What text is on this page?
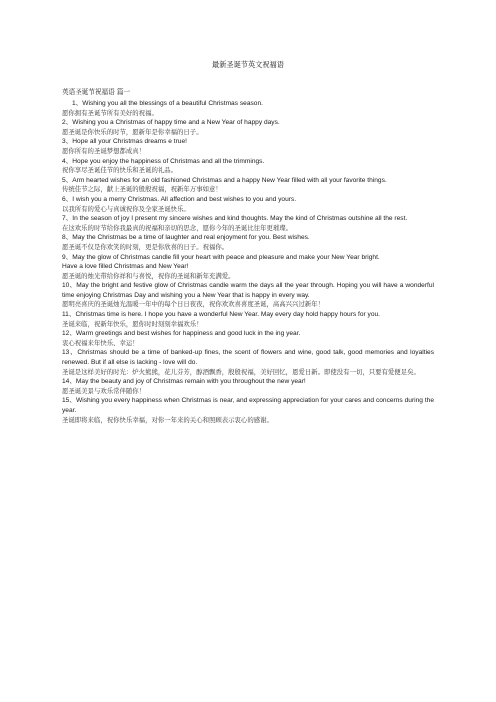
最新圣诞节英文祝福语
英语圣诞节祝福语 篇一

1、Wishing you all the blessings of a beautiful Christmas season.

愿你拥有圣诞节所有美好的祝福。

2、Wishing you a Christmas of happy time and a New Year of happy days.

愿圣诞是你快乐的时节，愿新年是你幸福的日子。

3、Hope all your Christmas dreams e true!

愿你所有的圣诞梦想都成真！

4、Hope you enjoy the happiness of Christmas and all the trimmings.

祝你享尽圣诞佳节的快乐和圣诞的礼品。

5、Arm hearted wishes for an old fashioned Christmas and a happy New Year filled with all your favorite things.

传统佳节之际，献上圣诞的殷殷祝福，祝新年万事如意！

6、I wish you a merry Christmas. All affection and best wishes to you and yours.

以我所有的爱心与真诚祝你及全家圣诞快乐。

7、In the season of joy I present my sincere wishes and kind thoughts. May the kind of Christmas outshine all the rest.

在这欢乐的时节给你我最真的祝福和亲切的思念，愿你今年的圣诞比往年更璀璨。

8、May the Christmas be a time of laughter and real enjoyment for you. Best wishes.

愿圣诞不仅是你欢笑的时刻，更是你欣喜的日子。祝福你。

9、May the glow of Christmas candle fill your heart with peace and pleasure and make your New Year bright.

Have a love filled Christmas and New Year!

愿圣诞的烛光带给你祥和与喜悦，祝你的圣诞和新年充满爱。

10、May the bright and festive glow of Christmas candle warm the days all the year through. Hoping you will have a wonderful time enjoying Christmas Day and wishing you a New Year that is happy in every way.

愿明亮喜庆的圣诞烛光温暖一年中的每个日日夜夜，祝你欢欢喜喜度圣诞，高高兴兴过新年！

11、Christmas time is here. I hope you have a wonderful New Year. May every day hold happy hours for you.

圣诞来临，祝新年快乐，愿你时时刻刻幸福欢乐！

12、Warm greetings and best wishes for happiness and good luck in the ing year.

衷心祝福来年快乐、幸运！

13、Christmas should be a time of banked-up fines, the scent of flowers and wine, good talk, good memories and loyalties renewed. But if all else is lacking - love will do.

圣诞是这样美好的时光：炉火熊熊，花儿芬芳，醇酒飘香，殷殷祝福，美好回忆，恩爱日新。即使没有一切，只要有爱便足矣。

14、May the beauty and joy of Christmas remain with you throughout the new year!

愿圣诞美景与欢乐常伴随你！

15、Wishing you every happiness when Christmas is near, and expressing appreciation for your cares and concerns during the year.

圣诞即将来临，祝你快乐幸福，对你一年来的关心和照顾表示衷心的感谢。
